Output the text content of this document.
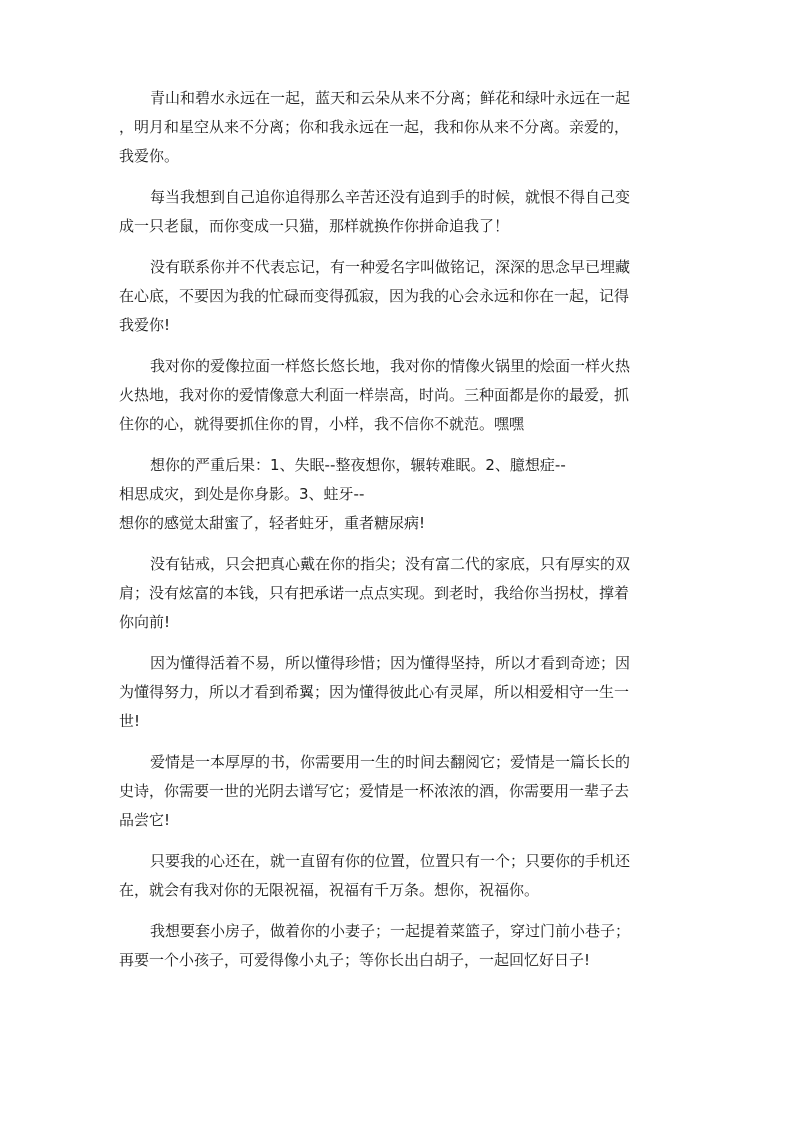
青山和碧水永远在一起，蓝天和云朵从来不分离；鲜花和绿叶永远在一起
，明月和星空从来不分离；你和我永远在一起，我和你从来不分离。亲爱的，
我爱你。
每当我想到自己追你追得那么辛苦还没有追到手的时候，就恨不得自己变
成一只老鼠，而你变成一只猫，那样就换作你拼命追我了！
没有联系你并不代表忘记，有一种爱名字叫做铭记，深深的思念早已埋藏
在心底，不要因为我的忙碌而变得孤寂，因为我的心会永远和你在一起，记得
我爱你!
我对你的爱像拉面一样悠长悠长地，我对你的情像火锅里的烩面一样火热
火热地，我对你的爱情像意大利面一样崇高，时尚。三种面都是你的最爱，抓
住你的心，就得要抓住你的胃，小样，我不信你不就范。嘿嘿
想你的严重后果：1、失眠--整夜想你，辗转难眠。2、臆想症--
相思成灾，到处是你身影。3、蛀牙--
想你的感觉太甜蜜了，轻者蛀牙，重者糖尿病!
没有钻戒，只会把真心戴在你的指尖；没有富二代的家底，只有厚实的双
肩；没有炫富的本钱，只有把承诺一点点实现。到老时，我给你当拐杖，撑着
你向前!
因为懂得活着不易，所以懂得珍惜；因为懂得坚持，所以才看到奇迹；因
为懂得努力，所以才看到希翼；因为懂得彼此心有灵犀，所以相爱相守一生一
世!
爱情是一本厚厚的书，你需要用一生的时间去翻阅它；爱情是一篇长长的
史诗，你需要一世的光阴去谱写它；爱情是一杯浓浓的酒，你需要用一辈子去
品尝它!
只要我的心还在，就一直留有你的位置，位置只有一个；只要你的手机还
在，就会有我对你的无限祝福，祝福有千万条。想你，祝福你。
我想要套小房子，做着你的小妻子；一起提着菜篮子，穿过门前小巷子；
再要一个小孩子，可爱得像小丸子；等你长出白胡子，一起回忆好日子!
